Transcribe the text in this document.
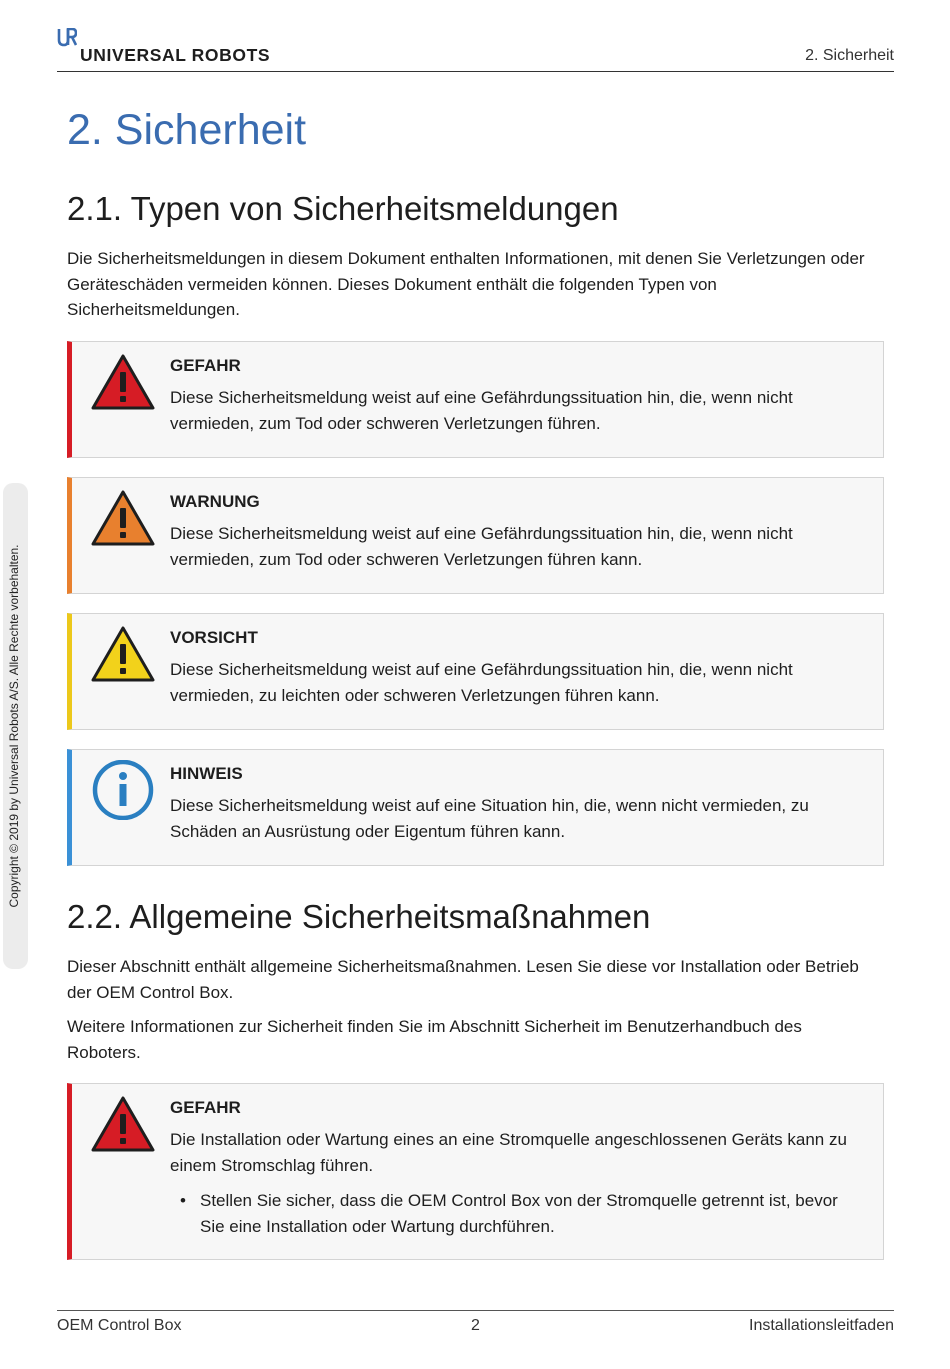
UNIVERSAL ROBOTS	2. Sicherheit
Copyright © 2019 by Universal Robots A/S. Alle Rechte vorbehalten.
2. Sicherheit
2.1. Typen von Sicherheitsmeldungen

Die Sicherheitsmeldungen in diesem Dokument enthalten Informationen, mit denen Sie Verletzungen oder Geräteschäden vermeiden können. Dieses Dokument enthält die folgenden Typen von Sicherheitsmeldungen.

GEFAHR

Diese Sicherheitsmeldung weist auf eine Gefährdungssituation hin, die, wenn nicht vermieden, zum Tod oder schweren Verletzungen führen.

WARNUNG

Diese Sicherheitsmeldung weist auf eine Gefährdungssituation hin, die, wenn nicht vermieden, zum Tod oder schweren Verletzungen führen kann.

VORSICHT

Diese Sicherheitsmeldung weist auf eine Gefährdungssituation hin, die, wenn nicht vermieden, zu leichten oder schweren Verletzungen führen kann.

HINWEIS

Diese Sicherheitsmeldung weist auf eine Situation hin, die, wenn nicht vermieden, zu Schäden an Ausrüstung oder Eigentum führen kann.

2.2. Allgemeine Sicherheitsmaßnahmen

Dieser Abschnitt enthält allgemeine Sicherheitsmaßnahmen. Lesen Sie diese vor Installation oder Betrieb der OEM Control Box.

Weitere Informationen zur Sicherheit finden Sie im Abschnitt Sicherheit im Benutzerhandbuch des Roboters.

GEFAHR

Die Installation oder Wartung eines an eine Stromquelle angeschlossenen Geräts kann zu einem Stromschlag führen.

• Stellen Sie sicher, dass die OEM Control Box von der Stromquelle getrennt ist, bevor Sie eine Installation oder Wartung durchführen.
OEM Control Box	2	Installationsleitfaden
